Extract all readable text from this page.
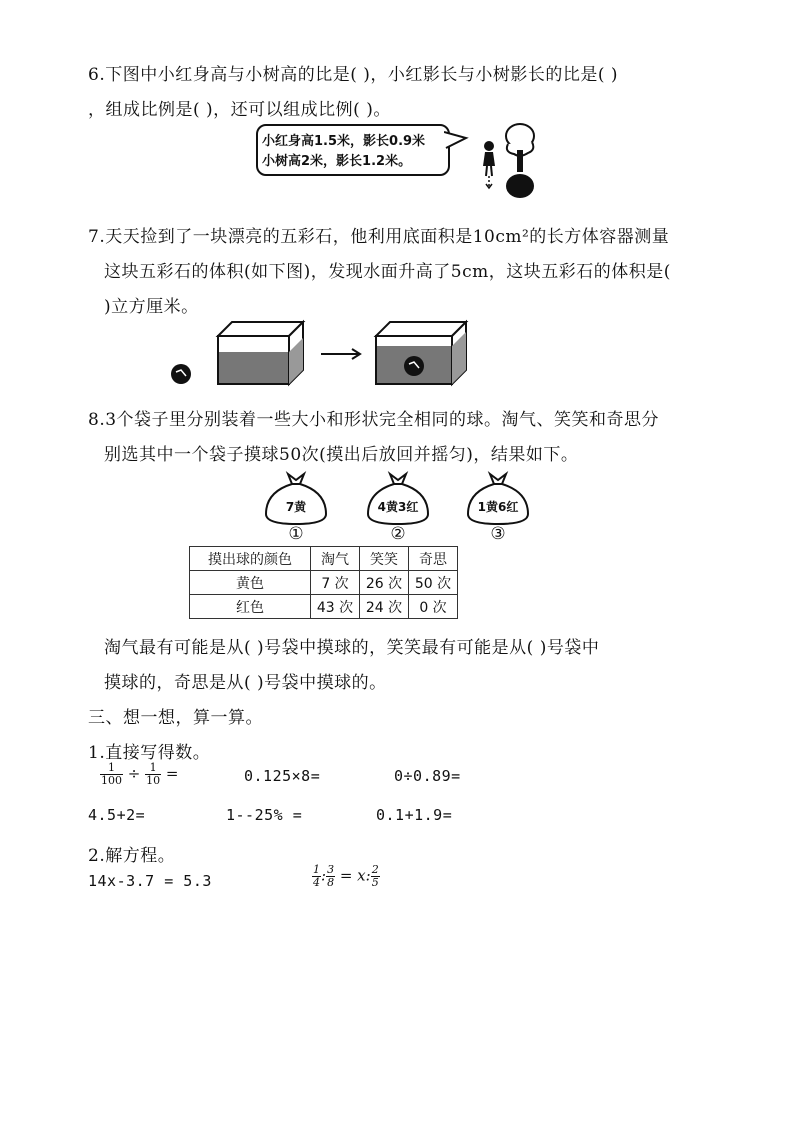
6.下图中小红身高与小树高的比是( )，小红影长与小树影长的比是( )
，组成比例是( )，还可以组成比例( )。
小红身高1.5米，影长0.9米
小树高2米，影长1.2米。
7.天天捡到了一块漂亮的五彩石，他利用底面积是10cm²的长方体容器测量
这块五彩石的体积(如下图)，发现水面升高了5cm，这块五彩石的体积是(
)立方厘米。
8.3个袋子里分别装着一些大小和形状完全相同的球。淘气、笑笑和奇思分
别选其中一个袋子摸球50次(摸出后放回并摇匀)，结果如下。
7黄
①
4黄3红
②
1黄6红
③
摸出球的颜色	淘气	笑笑	奇思
黄色	7 次	26 次	50 次
红色	43 次	24 次	0 次
淘气最有可能是从( )号袋中摸球的，笑笑最有可能是从( )号袋中
摸球的，奇思是从( )号袋中摸球的。
三、想一想，算一算。
1.直接写得数。
$\frac{1}{100} \div \frac{1}{10}$ =	0.125×8=	0÷0.89=
4.5+2=	1--25% =	0.1+1.9=
2.解方程。
14x-3.7 = 5.3	$\frac{1}{4}$ : $\frac{3}{8} = x$: $\frac{2}{5}$
